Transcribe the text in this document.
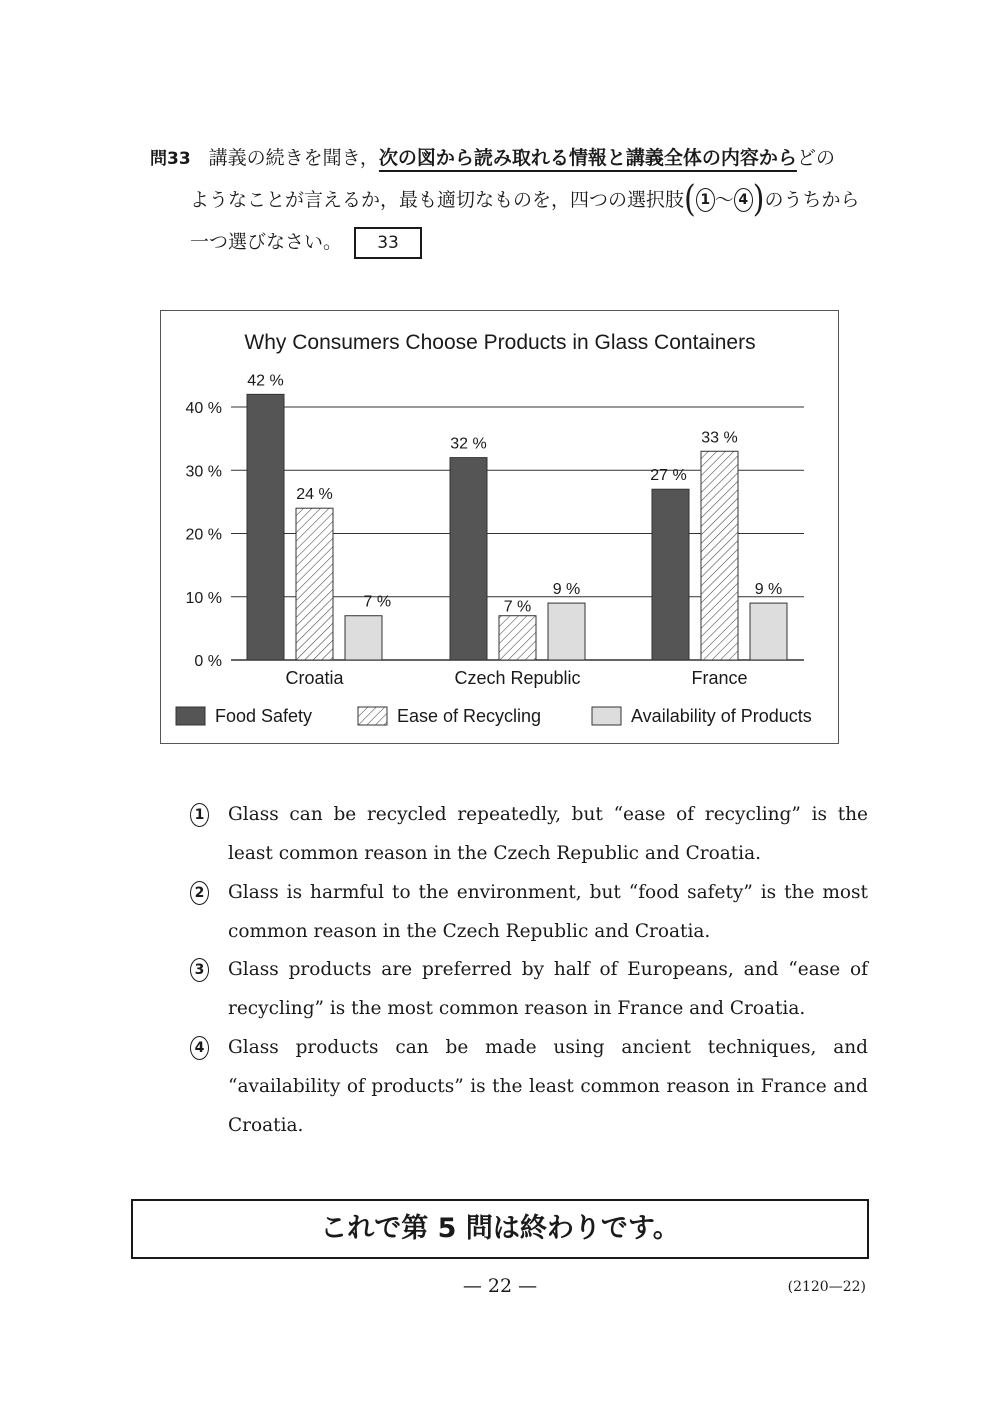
問33 講義の続きを聞き，次の図から読み取れる情報と講義全体の内容からどの
ようなことが言えるか，最も適切なものを，四つの選択肢( 1 〜 4 )のうちから
一つ選びなさい。 33
Why Consumers Choose Products in Glass Containers
0 %
10 %
20 %
30 %
40 %
42 %
24 %
7 %
Croatia
32 %
7 %
9 %
Czech Republic
27 %
33 %
9 %
France
Food Safety	Ease of Recycling	Availability of Products
1 Glass can be recycled repeatedly, but “ease of recycling” is the least common reason in the Czech Republic and Croatia.
2 Glass is harmful to the environment, but “food safety” is the most common reason in the Czech Republic and Croatia.
3 Glass products are preferred by half of Europeans, and “ease of recycling” is the most common reason in France and Croatia.
4 Glass products can be made using ancient techniques, and “availability of products” is the least common reason in France and Croatia.
これで第 5 問は終わりです。
— 22 —	(2120—22)
